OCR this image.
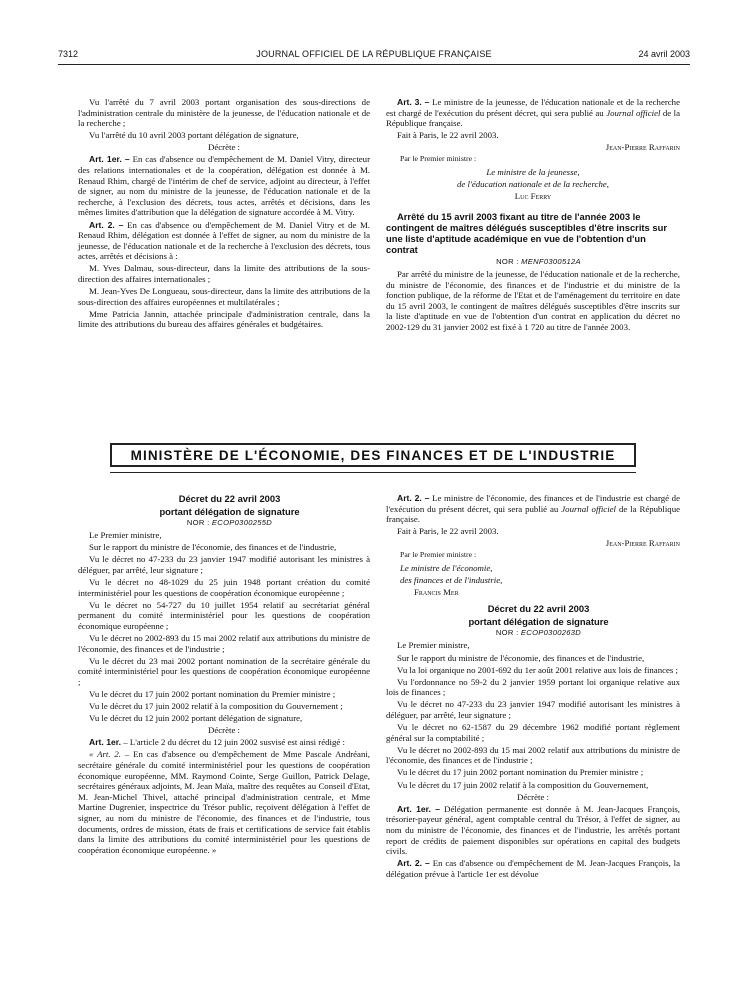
7312	JOURNAL OFFICIEL DE LA RÉPUBLIQUE FRANÇAISE	24 avril 2003

Vu l'arrêté du 7 avril 2003 portant organisation des sous-directions de l'administration centrale du ministère de la jeunesse, de l'éducation nationale et de la recherche ;

Vu l'arrêté du 10 avril 2003 portant délégation de signature,

Décrète :

Art. 1er. – En cas d'absence ou d'empêchement de M. Daniel Vitry, directeur des relations internationales et de la coopération, délégation est donnée à M. Renaud Rhim, chargé de l'intérim de chef de service, adjoint au directeur, à l'effet de signer, au nom du ministre de la jeunesse, de l'éducation nationale et de la recherche, à l'exclusion des décrets, tous actes, arrêtés et décisions, dans les mêmes limites d'attribution que la délégation de signature accordée à M. Vitry.

Art. 2. – En cas d'absence ou d'empêchement de M. Daniel Vitry et de M. Renaud Rhim, délégation est donnée à l'effet de signer, au nom du ministre de la jeunesse, de l'éducation nationale et de la recherche à l'exclusion des décrets, tous actes, arrêtés et décisions à :

M. Yves Dalmau, sous-directeur, dans la limite des attributions de la sous-direction des affaires internationales ;

M. Jean-Yves De Longueau, sous-directeur, dans la limite des attributions de la sous-direction des affaires européennes et multilatérales ;

Mme Patricia Jannin, attachée principale d'administration centrale, dans la limite des attributions du bureau des affaires générales et budgétaires.

Art. 3. – Le ministre de la jeunesse, de l'éducation nationale et de la recherche est chargé de l'exécution du présent décret, qui sera publié au Journal officiel de la République française.

Fait à Paris, le 22 avril 2003.

Jean-Pierre Raffarin

Par le Premier ministre :

Le ministre de la jeunesse,

de l'éducation nationale et de la recherche,

Luc Ferry

Arrêté du 15 avril 2003 fixant au titre de l'année 2003 le contingent de maîtres délégués susceptibles d'être inscrits sur une liste d'aptitude académique en vue de l'obtention d'un contrat

NOR : MENF0300512A

Par arrêté du ministre de la jeunesse, de l'éducation nationale et de la recherche, du ministre de l'économie, des finances et de l'industrie et du ministre de la fonction publique, de la réforme de l'Etat et de l'aménagement du territoire en date du 15 avril 2003, le contingent de maîtres délégués susceptibles d'être inscrits sur la liste d'aptitude en vue de l'obtention d'un contrat en application du décret no 2002-129 du 31 janvier 2002 est fixé à 1 720 au titre de l'année 2003.

MINISTÈRE DE L'ÉCONOMIE, DES FINANCES ET DE L'INDUSTRIE

Décret du 22 avril 2003

portant délégation de signature

NOR : ECOP0300255D

Le Premier ministre,

Sur le rapport du ministre de l'économie, des finances et de l'industrie,

Vu le décret no 47-233 du 23 janvier 1947 modifié autorisant les ministres à déléguer, par arrêté, leur signature ;

Vu le décret no 48-1029 du 25 juin 1948 portant création du comité interministériel pour les questions de coopération économique européenne ;

Vu le décret no 54-727 du 10 juillet 1954 relatif au secrétariat général permanent du comité interministériel pour les questions de coopération économique européenne ;

Vu le décret no 2002-893 du 15 mai 2002 relatif aux attributions du ministre de l'économie, des finances et de l'industrie ;

Vu le décret du 23 mai 2002 portant nomination de la secrétaire générale du comité interministériel pour les questions de coopération économique européenne ;

Vu le décret du 17 juin 2002 portant nomination du Premier ministre ;

Vu le décret du 17 juin 2002 relatif à la composition du Gouvernement ;

Vu le décret du 12 juin 2002 portant délégation de signature,

Décrète :

Art. 1er. – L'article 2 du décret du 12 juin 2002 susvisé est ainsi rédigé :

« Art. 2. – En cas d'absence ou d'empêchement de Mme Pascale Andréani, secrétaire générale du comité interministériel pour les questions de coopération économique européenne, MM. Raymond Cointe, Serge Guillon, Patrick Delage, secrétaires généraux adjoints, M. Jean Maïa, maître des requêtes au Conseil d'Etat, M. Jean-Michel Thivel, attaché principal d'administration centrale, et Mme Martine Dugrenier, inspectrice du Trésor public, reçoivent délégation à l'effet de signer, au nom du ministre de l'économie, des finances et de l'industrie, tous documents, ordres de mission, états de frais et certifications de service fait établis dans la limite des attributions du comité interministériel pour les questions de coopération économique européenne. »

Art. 2. – Le ministre de l'économie, des finances et de l'industrie est chargé de l'exécution du présent décret, qui sera publié au Journal officiel de la République française.

Fait à Paris, le 22 avril 2003.

Jean-Pierre Raffarin

Par le Premier ministre :

Le ministre de l'économie,

des finances et de l'industrie,

Francis Mer

Décret du 22 avril 2003

portant délégation de signature

NOR : ECOP0300263D

Le Premier ministre,

Sur le rapport du ministre de l'économie, des finances et de l'industrie,

Vu la loi organique no 2001-692 du 1er août 2001 relative aux lois de finances ;

Vu l'ordonnance no 59-2 du 2 janvier 1959 portant loi organique relative aux lois de finances ;

Vu le décret no 47-233 du 23 janvier 1947 modifié autorisant les ministres à déléguer, par arrêté, leur signature ;

Vu le décret no 62-1587 du 29 décembre 1962 modifié portant règlement général sur la comptabilité ;

Vu le décret no 2002-893 du 15 mai 2002 relatif aux attributions du ministre de l'économie, des finances et de l'industrie ;

Vu le décret du 17 juin 2002 portant nomination du Premier ministre ;

Vu le décret du 17 juin 2002 relatif à la composition du Gouvernement,

Décrète :

Art. 1er. – Délégation permanente est donnée à M. Jean-Jacques François, trésorier-payeur général, agent comptable central du Trésor, à l'effet de signer, au nom du ministre de l'économie, des finances et de l'industrie, les arrêtés portant report de crédits de paiement disponibles sur opérations en capital des budgets civils.

Art. 2. – En cas d'absence ou d'empêchement de M. Jean-Jacques François, la délégation prévue à l'article 1er est dévolue
